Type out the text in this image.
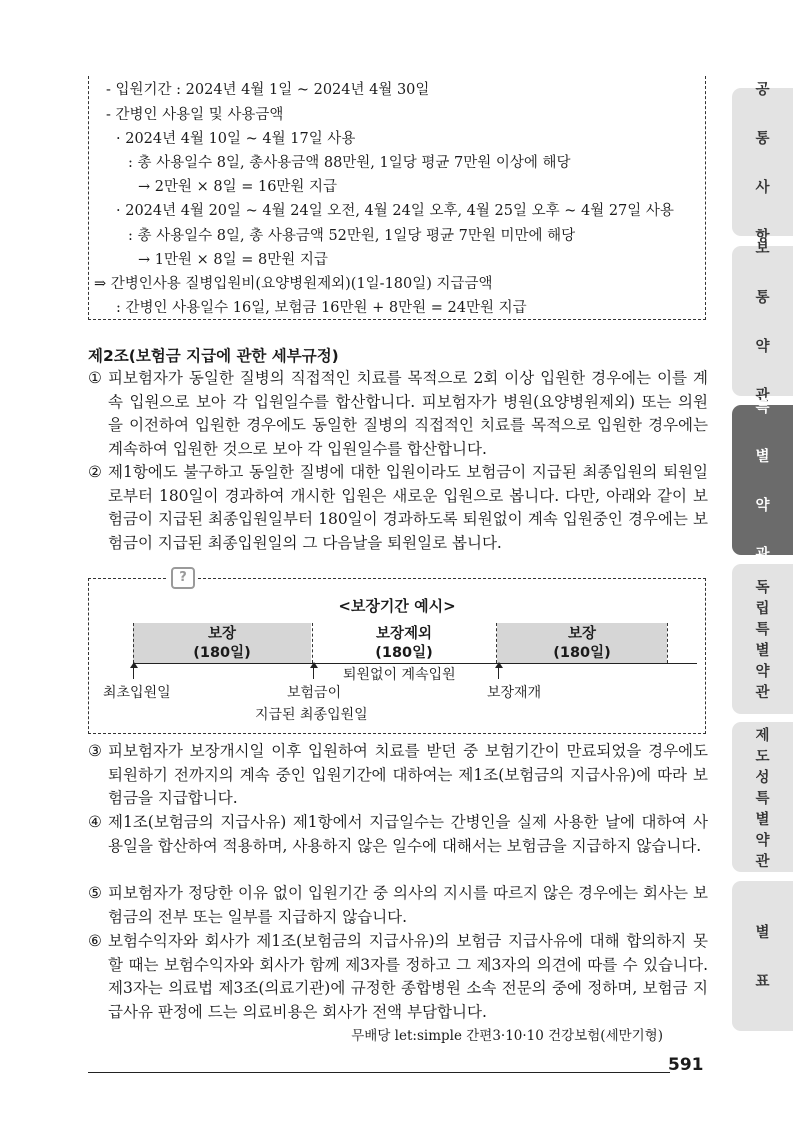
- 입원기간 : 2024년 4월 1일 ~ 2024년 4월 30일
- 간병인 사용일 및 사용금액
· 2024년 4월 10일 ~ 4월 17일 사용
: 총 사용일수 8일, 총사용금액 88만원, 1일당 평균 7만원 이상에 해당
→ 2만원 × 8일 = 16만원 지급
· 2024년 4월 20일 ~ 4월 24일 오전, 4월 24일 오후, 4월 25일 오후 ~ 4월 27일 사용
: 총 사용일수 8일, 총 사용금액 52만원, 1일당 평균 7만원 미만에 해당
→ 1만원 × 8일 = 8만원 지급
⇒ 간병인사용 질병입원비(요양병원제외)(1일-180일) 지급금액
: 간병인 사용일수 16일, 보험금 16만원 + 8만원 = 24만원 지급
제2조(보험금 지급에 관한 세부규정)
① 피보험자가 동일한 질병의 직접적인 치료를 목적으로 2회 이상 입원한 경우에는 이를 계속 입원으로 보아 각 입원일수를 합산합니다. 피보험자가 병원(요양병원제외) 또는 의원을 이전하여 입원한 경우에도 동일한 질병의 직접적인 치료를 목적으로 입원한 경우에는 계속하여 입원한 것으로 보아 각 입원일수를 합산합니다.
② 제1항에도 불구하고 동일한 질병에 대한 입원이라도 보험금이 지급된 최종입원의 퇴원일로부터 180일이 경과하여 개시한 입원은 새로운 입원으로 봅니다. 다만, 아래와 같이 보험금이 지급된 최종입원일부터 180일이 경과하도록 퇴원없이 계속 입원중인 경우에는 보험금이 지급된 최종입원일의 그 다음날을 퇴원일로 봅니다.
?
<보장기간 예시>
보장
(180일)
보장제외
(180일)
보장
(180일)
최초입원일	보험금이
지급된 최종입원일
퇴원없이 계속입원
보장재개
③ 피보험자가 보장개시일 이후 입원하여 치료를 받던 중 보험기간이 만료되었을 경우에도 퇴원하기 전까지의 계속 중인 입원기간에 대하여는 제1조(보험금의 지급사유)에 따라 보험금을 지급합니다.
④ 제1조(보험금의 지급사유) 제1항에서 지급일수는 간병인을 실제 사용한 날에 대하여 사용일을 합산하여 적용하며, 사용하지 않은 일수에 대해서는 보험금을 지급하지 않습니다.
⑤ 피보험자가 정당한 이유 없이 입원기간 중 의사의 지시를 따르지 않은 경우에는 회사는 보험금의 전부 또는 일부를 지급하지 않습니다.
⑥ 보험수익자와 회사가 제1조(보험금의 지급사유)의 보험금 지급사유에 대해 합의하지 못할 때는 보험수익자와 회사가 함께 제3자를 정하고 그 제3자의 의견에 따를 수 있습니다. 제3자는 의료법 제3조(의료기관)에 규정한 종합병원 소속 전문의 중에 정하며, 보험금 지급사유 판정에 드는 의료비용은 회사가 전액 부담합니다.
공
통
사
항
보
통
약
관
특
별
약
관
독
립
특
별
약
관
제
도
성
특
별
약
관
별
표
무배당 let:simple 간편3·10·10 건강보험(세만기형)
591
